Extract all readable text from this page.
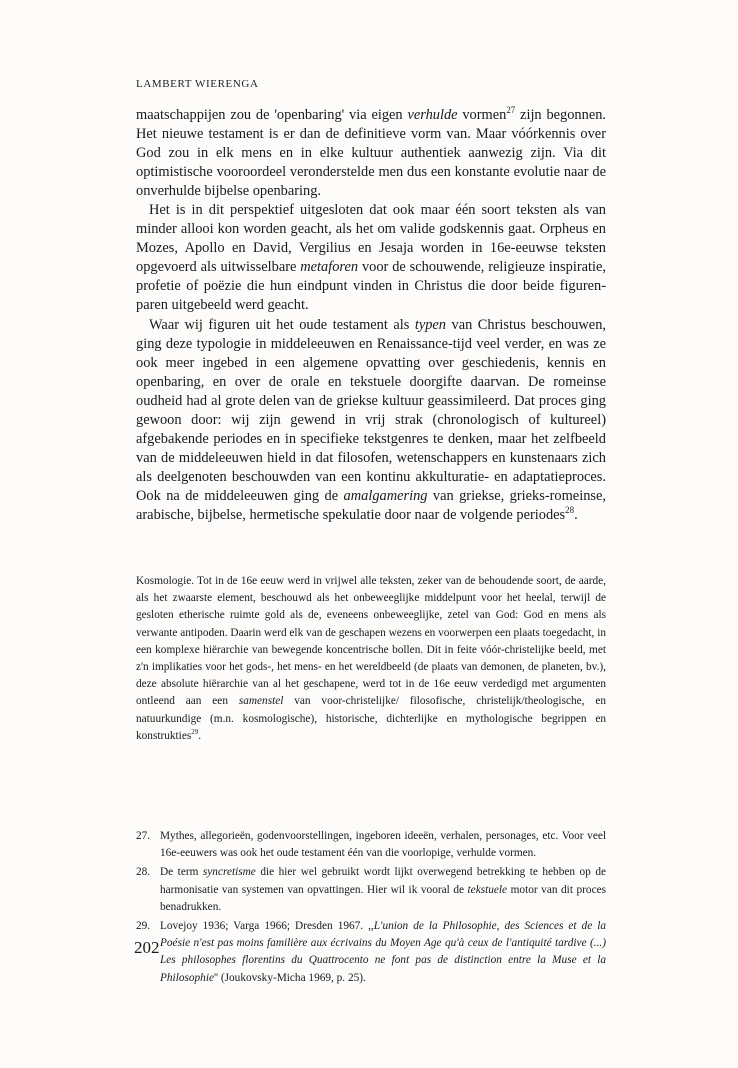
LAMBERT WIERENGA

maatschappijen zou de 'openbaring' via eigen verhulde vormen$^{27}$ zijn begonnen. Het nieuwe testament is er dan de definitieve vorm van. Maar vóórkennis over God zou in elk mens en in elke kultuur authentiek aanwezig zijn. Via dit optimistische vooroordeel veronderstelde men dus een konstante evolutie naar de onverhulde bijbelse openbaring.

Het is in dit perspektief uitgesloten dat ook maar één soort teksten als van minder allooi kon worden geacht, als het om valide godskennis gaat. Orpheus en Mozes, Apollo en David, Vergilius en Jesaja worden in 16e-eeuwse teksten opgevoerd als uitwisselbare metaforen voor de schouwende, religieuze inspiratie, profetie of poëzie die hun eindpunt vinden in Christus die door beide figuren-paren uitgebeeld werd geacht.

Waar wij figuren uit het oude testament als typen van Christus beschouwen, ging deze typologie in middeleeuwen en Renaissance-tijd veel verder, en was ze ook meer ingebed in een algemene opvatting over geschiedenis, kennis en openbaring, en over de orale en tekstuele doorgifte daarvan. De romeinse oudheid had al grote delen van de griekse kultuur geassimileerd. Dat proces ging gewoon door: wij zijn gewend in vrij strak (chronologisch of kultureel) afgebakende periodes en in specifieke tekstgenres te denken, maar het zelfbeeld van de middeleeuwen hield in dat filosofen, wetenschappers en kunstenaars zich als deelgenoten beschouwden van een kontinu akkulturatie- en adaptatieproces. Ook na de middeleeuwen ging de amalgamering van griekse, grieks-romeinse, arabische, bijbelse, hermetische spekulatie door naar de volgende periodes$^{28}$.

Kosmologie. Tot in de 16e eeuw werd in vrijwel alle teksten, zeker van de behoudende soort, de aarde, als het zwaarste element, beschouwd als het onbeweeglijke middelpunt voor het heelal, terwijl de gesloten etherische ruimte gold als de, eveneens onbeweeglijke, zetel van God: God en mens als verwante antipoden. Daarin werd elk van de geschapen wezens en voorwerpen een plaats toegedacht, in een komplexe hiërarchie van bewegende koncentrische bollen. Dit in feite vóór-christelijke beeld, met z'n implikaties voor het gods-, het mens- en het wereldbeeld (de plaats van demonen, de planeten, bv.), deze absolute hiërarchie van al het geschapene, werd tot in de 16e eeuw verdedigd met argumenten ontleend aan een samenstel van voor-christelijke/ filosofische, christelijk/theologische, en natuurkundige (m.n. kosmologische), historische, dichterlijke en mythologische begrippen en konstrukties$^{29}$.

27. Mythes, allegorieën, godenvoorstellingen, ingeboren ideeën, verhalen, personages, etc. Voor veel 16e-eeuwers was ook het oude testament één van die voorlopige, verhulde vormen.
28. De term syncretisme die hier wel gebruikt wordt lijkt overwegend betrekking te hebben op de harmonisatie van systemen van opvattingen. Hier wil ik vooral de tekstuele motor van dit proces benadrukken.
29. Lovejoy 1936; Varga 1966; Dresden 1967. ,,L'union de la Philosophie, des Sciences et de la Poésie n'est pas moins familière aux écrivains du Moyen Age qu'à ceux de l'antiquité tardive (...) Les philosophes florentins du Quattrocento ne font pas de distinction entre la Muse et la Philosophie'' (Joukovsky-Micha 1969, p. 25).
202
